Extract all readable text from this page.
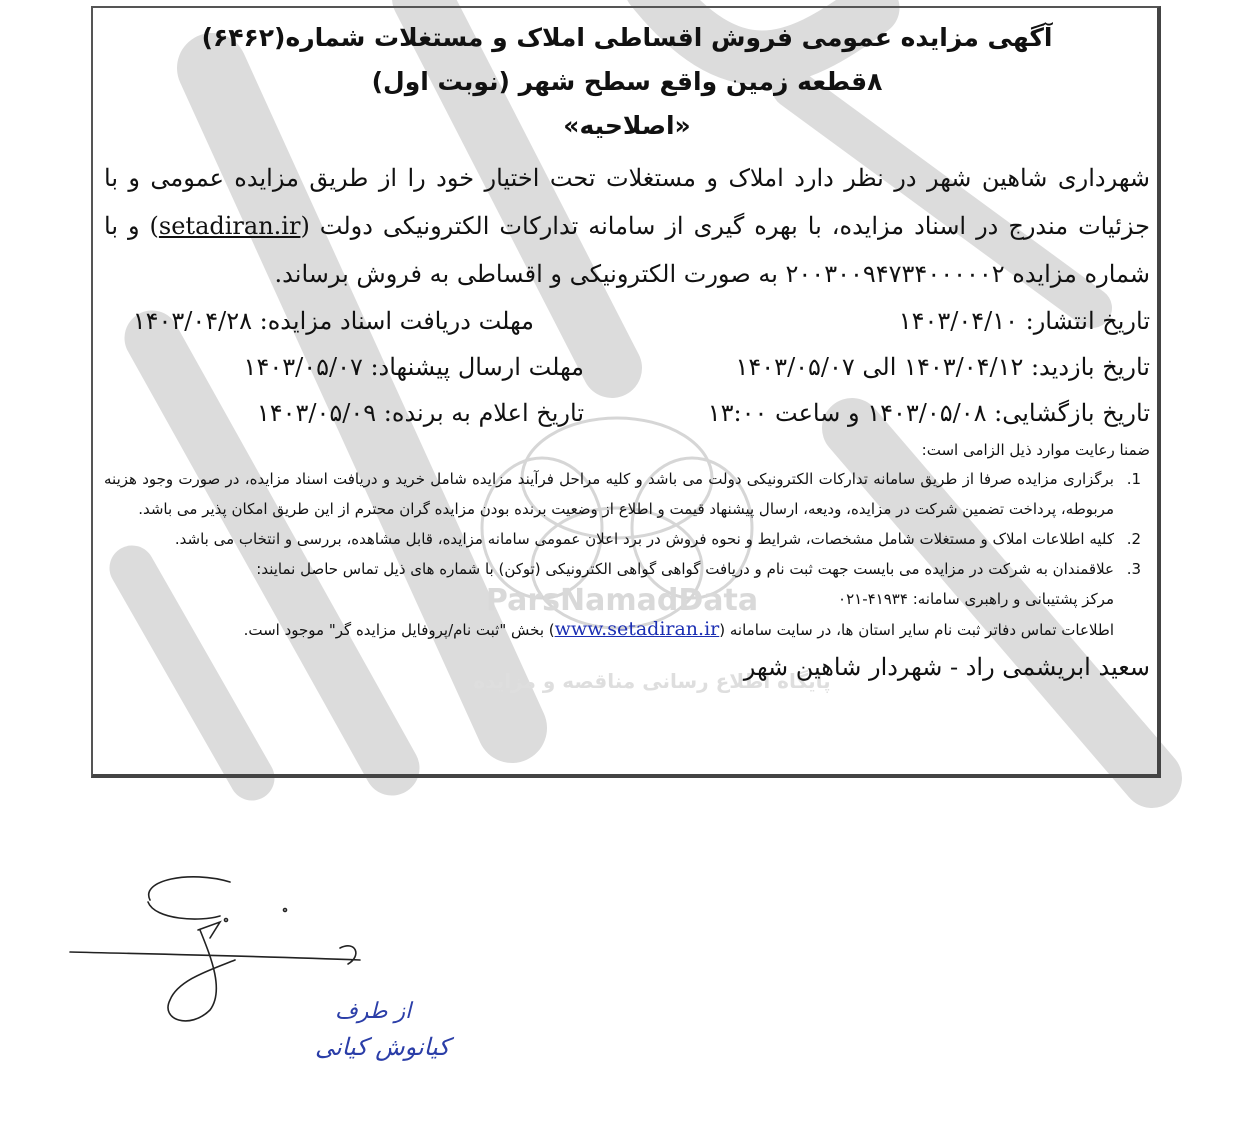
ParsNamadData
پایگاه اطلاع رسانی مناقصه و مزایده

آگهی مزایده عمومی فروش اقساطی املاک و مستغلات شماره(۶۴۶۲)

۸قطعه زمین واقع سطح شهر (نوبت اول)

«اصلاحیه»

شهرداری شاهین شهر در نظر دارد املاک و مستغلات تحت اختیار خود را از طریق مزایده عمومی و با جزئیات مندرج در اسناد مزایده، با بهره گیری از سامانه تدارکات الکترونیکی دولت (setadiran.ir) و با شماره مزایده ۲۰۰۳۰۰۹۴۷۳۴۰۰۰۰۰۲ به صورت الکترونیکی و اقساطی به فروش برساند.
تاریخ انتشار: ۱۴۰۳/۰۴/۱۰
مهلت دریافت اسناد مزایده: ۱۴۰۳/۰۴/۲۸
تاریخ بازدید: ۱۴۰۳/۰۴/۱۲ الی ۱۴۰۳/۰۵/۰۷
مهلت ارسال پیشنهاد: ۱۴۰۳/۰۵/۰۷
تاریخ بازگشایی: ۱۴۰۳/۰۵/۰۸ و ساعت ۱۳:۰۰
تاریخ اعلام به برنده: ۱۴۰۳/۰۵/۰۹
ضمنا رعایت موارد ذیل الزامی است:
1. برگزاری مزایده صرفا از طریق سامانه تدارکات الکترونیکی دولت می باشد و کلیه مراحل فرآیند مزایده شامل خرید و دریافت اسناد مزایده، در صورت وجود هزینه مربوطه، پرداخت تضمین شرکت در مزایده، ودیعه، ارسال پیشنهاد قیمت و اطلاع از وضعیت برنده بودن مزایده گران محترم از این طریق امکان پذیر می باشد.
2. کلیه اطلاعات املاک و مستغلات شامل مشخصات، شرایط و نحوه فروش در برد اعلان عمومی سامانه مزایده، قابل مشاهده، بررسی و انتخاب می باشد.
3. علاقمندان به شرکت در مزایده می بایست جهت ثبت نام و دریافت گواهی گواهی الکترونیکی (توکن) با شماره های ذیل تماس حاصل نمایند:
مرکز پشتیبانی و راهبری سامانه: ۴۱۹۳۴-۰۲۱
اطلاعات تماس دفاتر ثبت نام سایر استان ها، در سایت سامانه (www.setadiran.ir) بخش "ثبت نام/پروفایل مزایده گر" موجود است.
سعید ابریشمی راد - شهردار شاهین شهر
از طرف
کیانوش کیانی
